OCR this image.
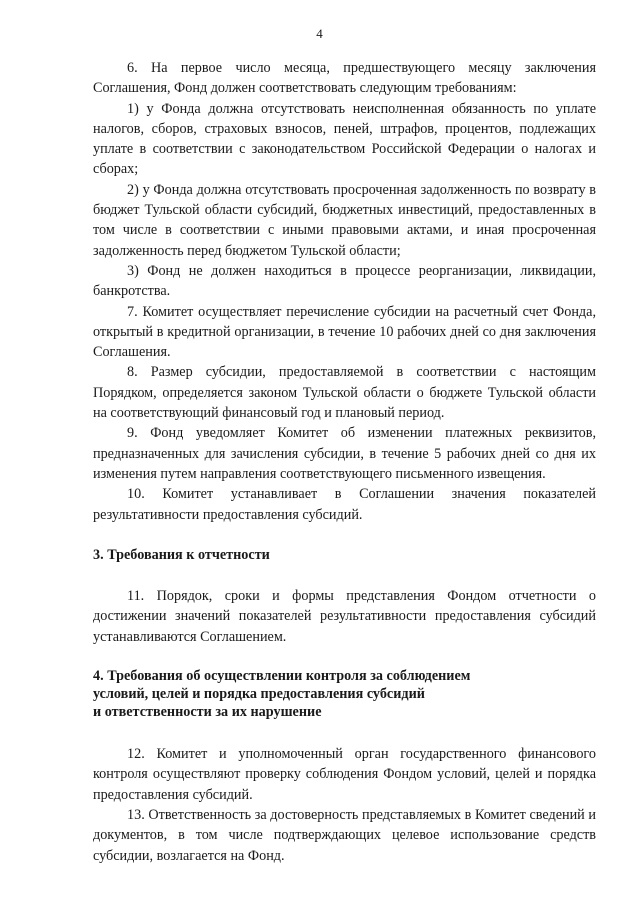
4

6. На первое число месяца, предшествующего месяцу заключения Соглашения, Фонд должен соответствовать следующим требованиям:

1) у Фонда должна отсутствовать неисполненная обязанность по уплате налогов, сборов, страховых взносов, пеней, штрафов, процентов, подлежащих уплате в соответствии с законодательством Российской Федерации о налогах и сборах;

2) у Фонда должна отсутствовать просроченная задолженность по возврату в бюджет Тульской области субсидий, бюджетных инвестиций, предоставленных в том числе в соответствии с иными правовыми актами, и иная просроченная задолженность перед бюджетом Тульской области;

3) Фонд не должен находиться в процессе реорганизации, ликвидации, банкротства.

7. Комитет осуществляет перечисление субсидии на расчетный счет Фонда, открытый в кредитной организации, в течение 10 рабочих дней со дня заключения Соглашения.

8. Размер субсидии, предоставляемой в соответствии с настоящим Порядком, определяется законом Тульской области о бюджете Тульской области на соответствующий финансовый год и плановый период.

9. Фонд уведомляет Комитет об изменении платежных реквизитов, предназначенных для зачисления субсидии, в течение 5 рабочих дней со дня их изменения путем направления соответствующего письменного извещения.

10. Комитет устанавливает в Соглашении значения показателей результативности предоставления субсидий.

3. Требования к отчетности

11. Порядок, сроки и формы представления Фондом отчетности о достижении значений показателей результативности предоставления субсидий устанавливаются Соглашением.

4. Требования об осуществлении контроля за соблюдением
условий, целей и порядка предоставления субсидий
и ответственности за их нарушение

12. Комитет и уполномоченный орган государственного финансового контроля осуществляют проверку соблюдения Фондом условий, целей и порядка предоставления субсидий.

13. Ответственность за достоверность представляемых в Комитет сведений и документов, в том числе подтверждающих целевое использование средств субсидии, возлагается на Фонд.
